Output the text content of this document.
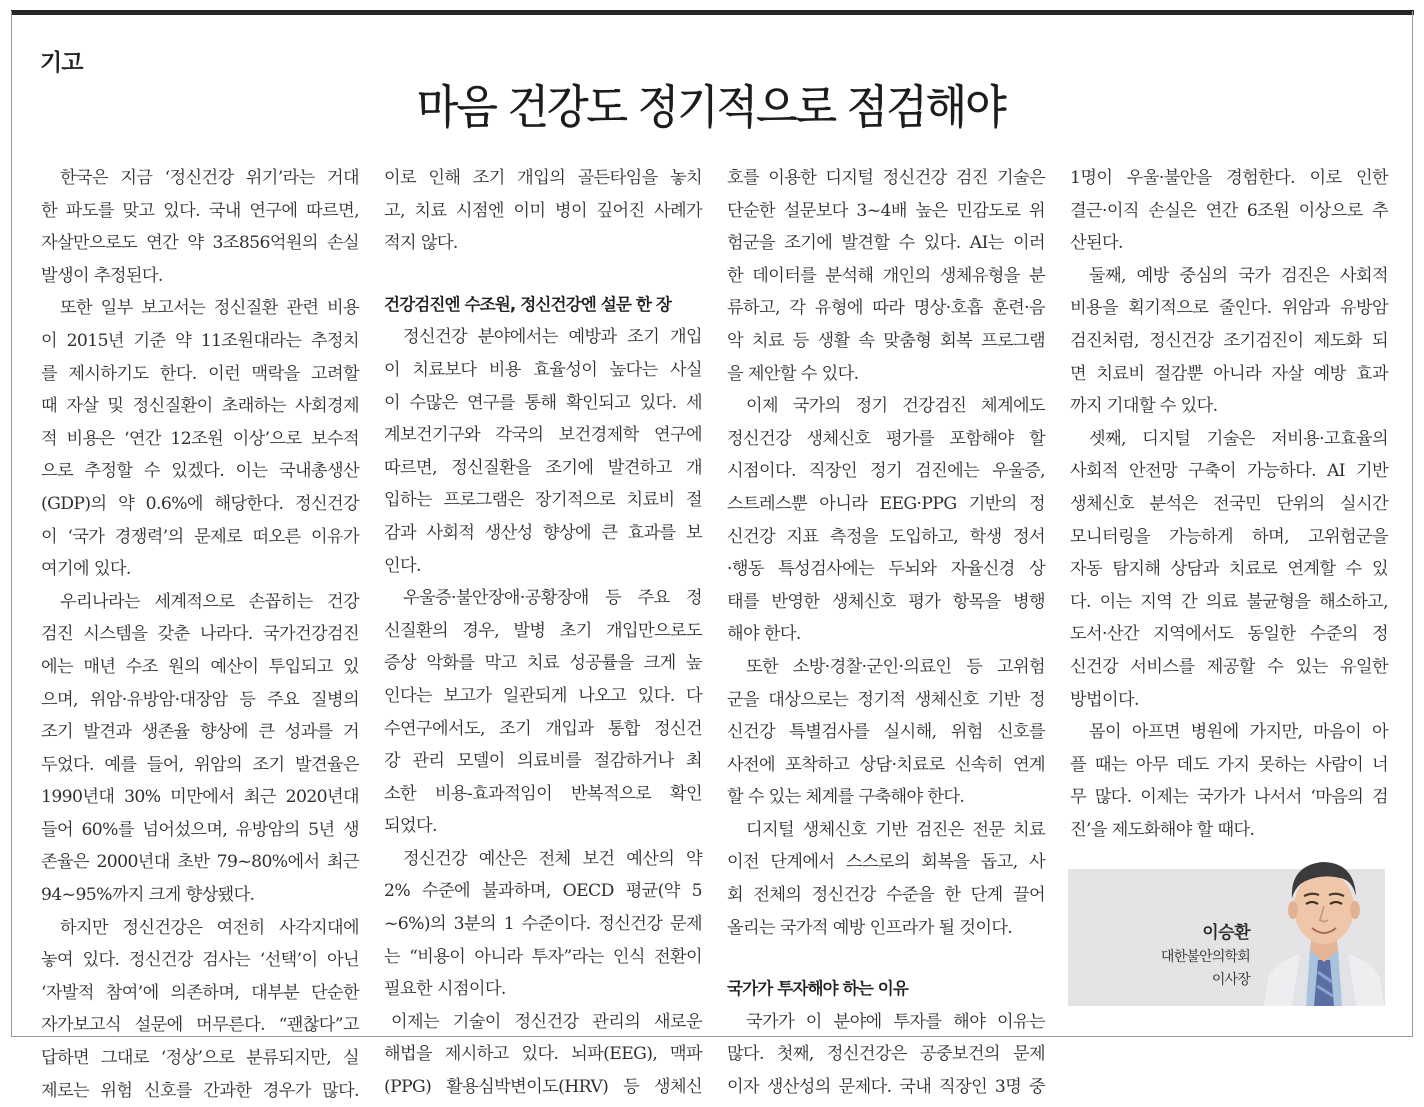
기고
마음 건강도 정기적으로 점검해야
한국은 지금 ‘정신건강 위기’라는 거대
한 파도를 맞고 있다. 국내 연구에 따르면,
자살만으로도 연간 약 3조856억원의 손실
발생이 추정된다.
또한 일부 보고서는 정신질환 관련 비용
이 2015년 기준 약 11조원대라는 추정치
를 제시하기도 한다. 이런 맥락을 고려할
때 자살 및 정신질환이 초래하는 사회경제
적 비용은 ‘연간 12조원 이상’으로 보수적
으로 추정할 수 있겠다. 이는 국내총생산
(GDP)의 약 0.6%에 해당한다. 정신건강
이 ‘국가 경쟁력’의 문제로 떠오른 이유가
여기에 있다.
우리나라는 세계적으로 손꼽히는 건강
검진 시스템을 갖춘 나라다. 국가건강검진
에는 매년 수조 원의 예산이 투입되고 있
으며, 위암·유방암·대장암 등 주요 질병의
조기 발견과 생존율 향상에 큰 성과를 거
두었다. 예를 들어, 위암의 조기 발견율은
1990년대 30% 미만에서 최근 2020년대
들어 60%를 넘어섰으며, 유방암의 5년 생
존율은 2000년대 초반 79~80%에서 최근
94~95%까지 크게 향상됐다.
하지만 정신건강은 여전히 사각지대에
놓여 있다. 정신건강 검사는 ‘선택’이 아닌
‘자발적 참여’에 의존하며, 대부분 단순한
자가보고식 설문에 머무른다. “괜찮다”고
답하면 그대로 ‘정상’으로 분류되지만, 실
제로는 위험 신호를 간과한 경우가 많다.
이로 인해 조기 개입의 골든타임을 놓치
고, 치료 시점엔 이미 병이 깊어진 사례가
적지 않다.
건강검진엔 수조원, 정신건강엔 설문 한 장
정신건강 분야에서는 예방과 조기 개입
이 치료보다 비용 효율성이 높다는 사실
이 수많은 연구를 통해 확인되고 있다. 세
계보건기구와 각국의 보건경제학 연구에
따르면, 정신질환을 조기에 발견하고 개
입하는 프로그램은 장기적으로 치료비 절
감과 사회적 생산성 향상에 큰 효과를 보
인다.
우울증·불안장애·공황장애 등 주요 정
신질환의 경우, 발병 초기 개입만으로도
증상 악화를 막고 치료 성공률을 크게 높
인다는 보고가 일관되게 나오고 있다. 다
수연구에서도, 조기 개입과 통합 정신건
강 관리 모델이 의료비를 절감하거나 최
소한 비용-효과적임이 반복적으로 확인
되었다.
정신건강 예산은 전체 보건 예산의 약
2% 수준에 불과하며, OECD 평균(약 5
~6%)의 3분의 1 수준이다. 정신건강 문제
는 “비용이 아니라 투자”라는 인식 전환이
필요한 시점이다.
이제는 기술이 정신건강 관리의 새로운
해법을 제시하고 있다. 뇌파(EEG), 맥파
(PPG) 활용심박변이도(HRV) 등 생체신
호를 이용한 디지털 정신건강 검진 기술은
단순한 설문보다 3~4배 높은 민감도로 위
험군을 조기에 발견할 수 있다. AI는 이러
한 데이터를 분석해 개인의 생체유형을 분
류하고, 각 유형에 따라 명상·호흡 훈련·음
악 치료 등 생활 속 맞춤형 회복 프로그램
을 제안할 수 있다.
이제 국가의 정기 건강검진 체계에도
정신건강 생체신호 평가를 포함해야 할
시점이다. 직장인 정기 검진에는 우울증,
스트레스뿐 아니라 EEG·PPG 기반의 정
신건강 지표 측정을 도입하고, 학생 정서
·행동 특성검사에는 두뇌와 자율신경 상
태를 반영한 생체신호 평가 항목을 병행
해야 한다.
또한 소방·경찰·군인·의료인 등 고위험
군을 대상으로는 정기적 생체신호 기반 정
신건강 특별검사를 실시해, 위험 신호를
사전에 포착하고 상담·치료로 신속히 연계
할 수 있는 체계를 구축해야 한다.
디지털 생체신호 기반 검진은 전문 치료
이전 단계에서 스스로의 회복을 돕고, 사
회 전체의 정신건강 수준을 한 단계 끌어
올리는 국가적 예방 인프라가 될 것이다.
국가가 투자해야 하는 이유
국가가 이 분야에 투자를 해야 이유는
많다. 첫째, 정신건강은 공중보건의 문제
이자 생산성의 문제다. 국내 직장인 3명 중
1명이 우울·불안을 경험한다. 이로 인한
결근·이직 손실은 연간 6조원 이상으로 추
산된다.
둘째, 예방 중심의 국가 검진은 사회적
비용을 획기적으로 줄인다. 위암과 유방암
검진처럼, 정신건강 조기검진이 제도화 되
면 치료비 절감뿐 아니라 자살 예방 효과
까지 기대할 수 있다.
셋째, 디지털 기술은 저비용·고효율의
사회적 안전망 구축이 가능하다. AI 기반
생체신호 분석은 전국민 단위의 실시간
모니터링을 가능하게 하며, 고위험군을
자동 탐지해 상담과 치료로 연계할 수 있
다. 이는 지역 간 의료 불균형을 해소하고,
도서·산간 지역에서도 동일한 수준의 정
신건강 서비스를 제공할 수 있는 유일한
방법이다.
몸이 아프면 병원에 가지만, 마음이 아
플 때는 아무 데도 가지 못하는 사람이 너
무 많다. 이제는 국가가 나서서 ‘마음의 검
진’을 제도화해야 할 때다.
이승환
대한불안의학회
이사장
